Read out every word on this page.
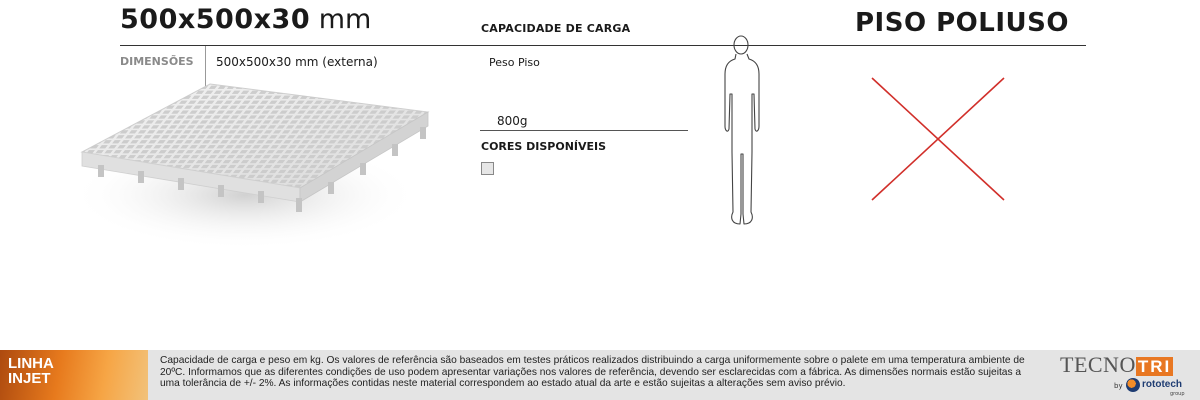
500x500x30 mm	CAPACIDADE DE CARGA	PISO POLIUSO
DIMENSÕES 500x500x30 mm (externa)	Peso Piso
800g
CORES DISPONÍVEIS
LINHA
INJET
Capacidade de carga e peso em kg. Os valores de referência são baseados em testes práticos realizados distribuindo a carga uniformemente sobre o palete em uma temperatura ambiente de 20ºC. Informamos que as diferentes condições de uso podem apresentar variações nos valores de referência, devendo ser esclarecidas com a fábrica. As dimensões normais estão sujeitas a uma tolerância de +/- 2%. As informações contidas neste material correspondem ao estado atual da arte e estão sujeitas a alterações sem aviso prévio.
TECNO TRI
by rototech
group
